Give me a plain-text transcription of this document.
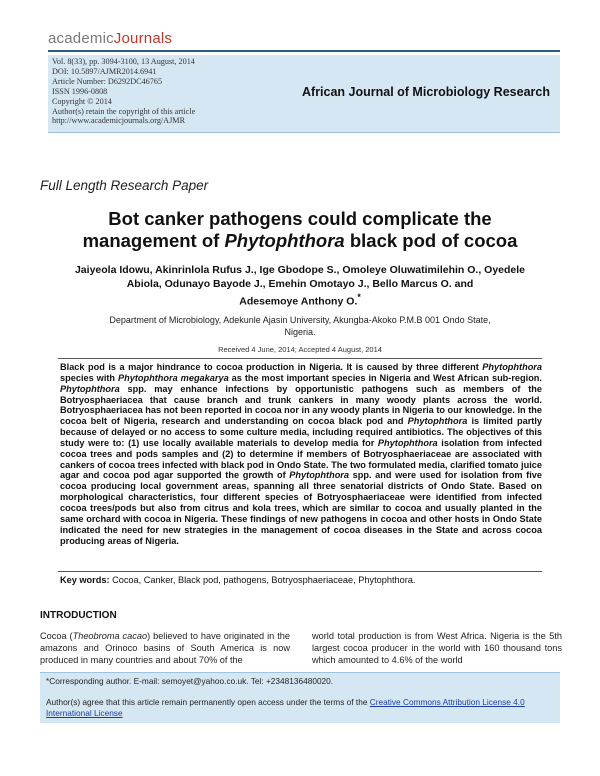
academicJournals
Vol. 8(33), pp. 3094-3100, 13 August, 2014
DOI: 10.5897/AJMR2014.6941
Article Number: D6292DC46765
ISSN 1996-0808
Copyright © 2014
Author(s) retain the copyright of this article
http://www.academicjournals.org/AJMR
African Journal of Microbiology Research
Full Length Research Paper
Bot canker pathogens could complicate the
management of Phytophthora black pod of cocoa
Jaiyeola Idowu, Akinrinlola Rufus J., Ige Gbodope S., Omoleye Oluwatimilehin O., Oyedele
Abiola, Odunayo Bayode J., Emehin Omotayo J., Bello Marcus O. and
Adesemoye Anthony O.*
Department of Microbiology, Adekunle Ajasin University, Akungba-Akoko P.M.B 001 Ondo State,
Nigeria.
Received 4 June, 2014; Accepted 4 August, 2014
Black pod is a major hindrance to cocoa production in Nigeria. It is caused by three different Phytophthora species with Phytophthora megakarya as the most important species in Nigeria and West African sub-region. Phytophthora spp. may enhance infections by opportunistic pathogens such as members of the Botryosphaeriacea that cause branch and trunk cankers in many woody plants across the world. Botryosphaeriacea has not been reported in cocoa nor in any woody plants in Nigeria to our knowledge. In the cocoa belt of Nigeria, research and understanding on cocoa black pod and Phytophthora is limited partly because of delayed or no access to some culture media, including required antibiotics. The objectives of this study were to: (1) use locally available materials to develop media for Phytophthora isolation from infected cocoa trees and pods samples and (2) to determine if members of Botryosphaeriaceae are associated with cankers of cocoa trees infected with black pod in Ondo State. The two formulated media, clarified tomato juice agar and cocoa pod agar supported the growth of Phytophthora spp. and were used for isolation from five cocoa producing local government areas, spanning all three senatorial districts of Ondo State. Based on morphological characteristics, four different species of Botryosphaeriaceae were identified from infected cocoa trees/pods but also from citrus and kola trees, which are similar to cocoa and usually planted in the same orchard with cocoa in Nigeria. These findings of new pathogens in cocoa and other hosts in Ondo State indicated the need for new strategies in the management of cocoa diseases in the State and across cocoa producing areas of Nigeria.
Key words: Cocoa, Canker, Black pod, pathogens, Botryosphaeriaceae, Phytophthora.
INTRODUCTION
Cocoa (Theobroma cacao) believed to have originated in the amazons and Orinoco basins of South America is now produced in many countries and about 70% of the
world total production is from West Africa. Nigeria is the 5th largest cocoa producer in the world with 160 thousand tons which amounted to 4.6% of the world
*Corresponding author. E-mail: semoyet@yahoo.co.uk. Tel: +2348136480020.
Author(s) agree that this article remain permanently open access under the terms of the Creative Commons Attribution License 4.0 International License
